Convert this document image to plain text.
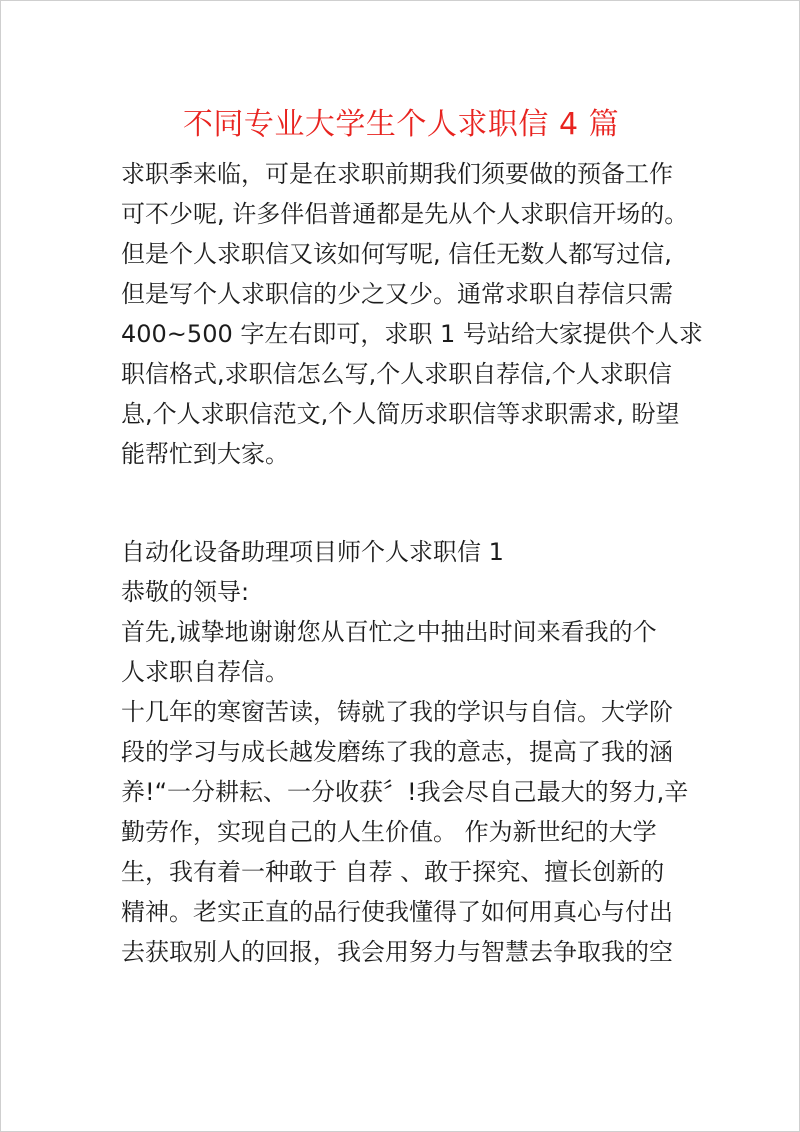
不同专业大学生个人求职信 4 篇
求职季来临，可是在求职前期我们须要做的预备工作
可不少呢, 许多伴侣普通都是先从个人求职信开场的。
但是个人求职信又该如何写呢, 信任无数人都写过信,
但是写个人求职信的少之又少。通常求职自荐信只需
400~500 字左右即可，求职 1 号站给大家提供个人求
职信格式,求职信怎么写,个人求职自荐信,个人求职信
息,个人求职信范文,个人简历求职信等求职需求, 盼望
能帮忙到大家。
自动化设备助理项目师个人求职信 1
恭敬的领导:
首先,诚挚地谢谢您从百忙之中抽出时间来看我的个
人求职自荐信。
十几年的寒窗苦读，铸就了我的学识与自信。大学阶
段的学习与成长越发磨练了我的意志，提高了我的涵
养!“一分耕耘、一分收获〞!我会尽自己最大的努力,辛
勤劳作，实现自己的人生价值。 作为新世纪的大学
生，我有着一种敢于 自荐 、敢于探究、擅长创新的
精神。老实正直的品行使我懂得了如何用真心与付出
去获取别人的回报，我会用努力与智慧去争取我的空
